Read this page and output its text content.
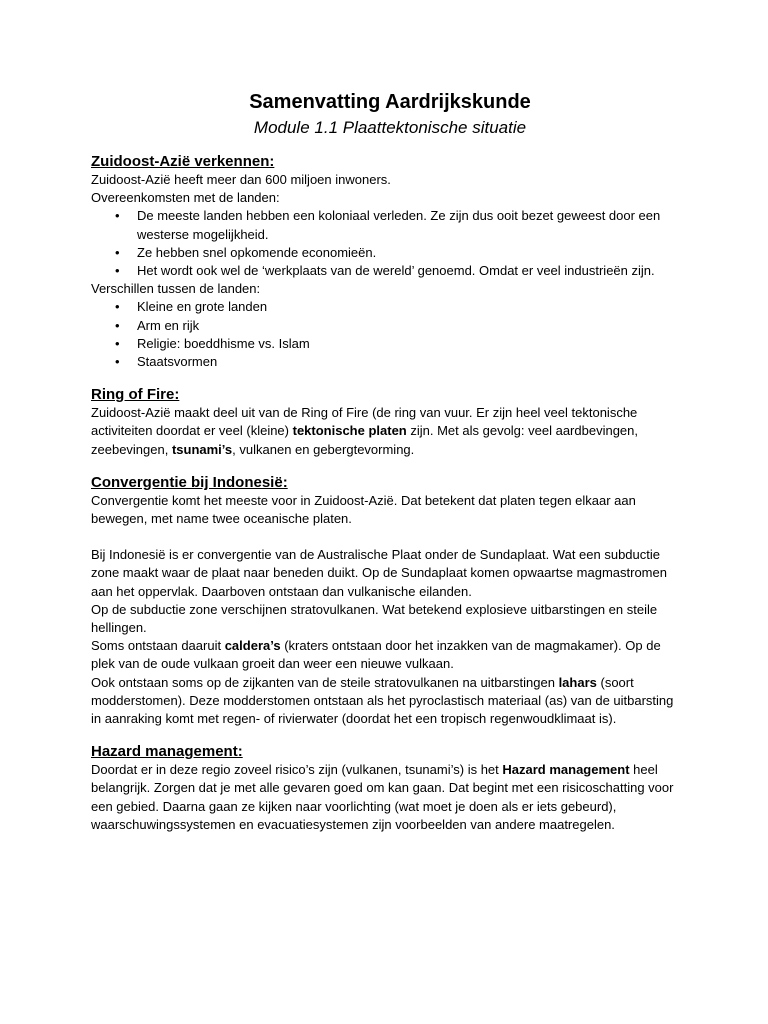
Samenvatting Aardrijkskunde
Module 1.1 Plaattektonische situatie
Zuidoost-Azië verkennen:

Zuidoost-Azië heeft meer dan 600 miljoen inwoners.

Overeenkomsten met de landen:

• De meeste landen hebben een koloniaal verleden. Ze zijn dus ooit bezet geweest door een westerse mogelijkheid.
• Ze hebben snel opkomende economieën.
• Het wordt ook wel de ‘werkplaats van de wereld’ genoemd. Omdat er veel industrieën zijn.

Verschillen tussen de landen:

• Kleine en grote landen
• Arm en rijk
• Religie: boeddhisme vs. Islam
• Staatsvormen
Ring of Fire:

Zuidoost-Azië maakt deel uit van de Ring of Fire (de ring van vuur. Er zijn heel veel tektonische activiteiten doordat er veel (kleine) tektonische platen zijn. Met als gevolg: veel aardbevingen, zeebevingen, tsunami’s, vulkanen en gebergtevorming.

Convergentie bij Indonesië:

Convergentie komt het meeste voor in Zuidoost-Azië. Dat betekent dat platen tegen elkaar aan bewegen, met name twee oceanische platen.

Bij Indonesië is er convergentie van de Australische Plaat onder de Sundaplaat. Wat een subductie zone maakt waar de plaat naar beneden duikt. Op de Sundaplaat komen opwaartse magmastromen aan het oppervlak. Daarboven ontstaan dan vulkanische eilanden.

Op de subductie zone verschijnen stratovulkanen. Wat betekend explosieve uitbarstingen en steile hellingen.

Soms ontstaan daaruit caldera’s (kraters ontstaan door het inzakken van de magmakamer). Op de plek van de oude vulkaan groeit dan weer een nieuwe vulkaan.

Ook ontstaan soms op de zijkanten van de steile stratovulkanen na uitbarstingen lahars (soort modderstomen). Deze modderstomen ontstaan als het pyroclastisch materiaal (as) van de uitbarsting in aanraking komt met regen- of rivierwater (doordat het een tropisch regenwoudklimaat is).

Hazard management:

Doordat er in deze regio zoveel risico’s zijn (vulkanen, tsunami’s) is het Hazard management heel belangrijk. Zorgen dat je met alle gevaren goed om kan gaan. Dat begint met een risicoschatting voor een gebied. Daarna gaan ze kijken naar voorlichting (wat moet je doen als er iets gebeurd), waarschuwingssystemen en evacuatiesystemen zijn voorbeelden van andere maatregelen.
